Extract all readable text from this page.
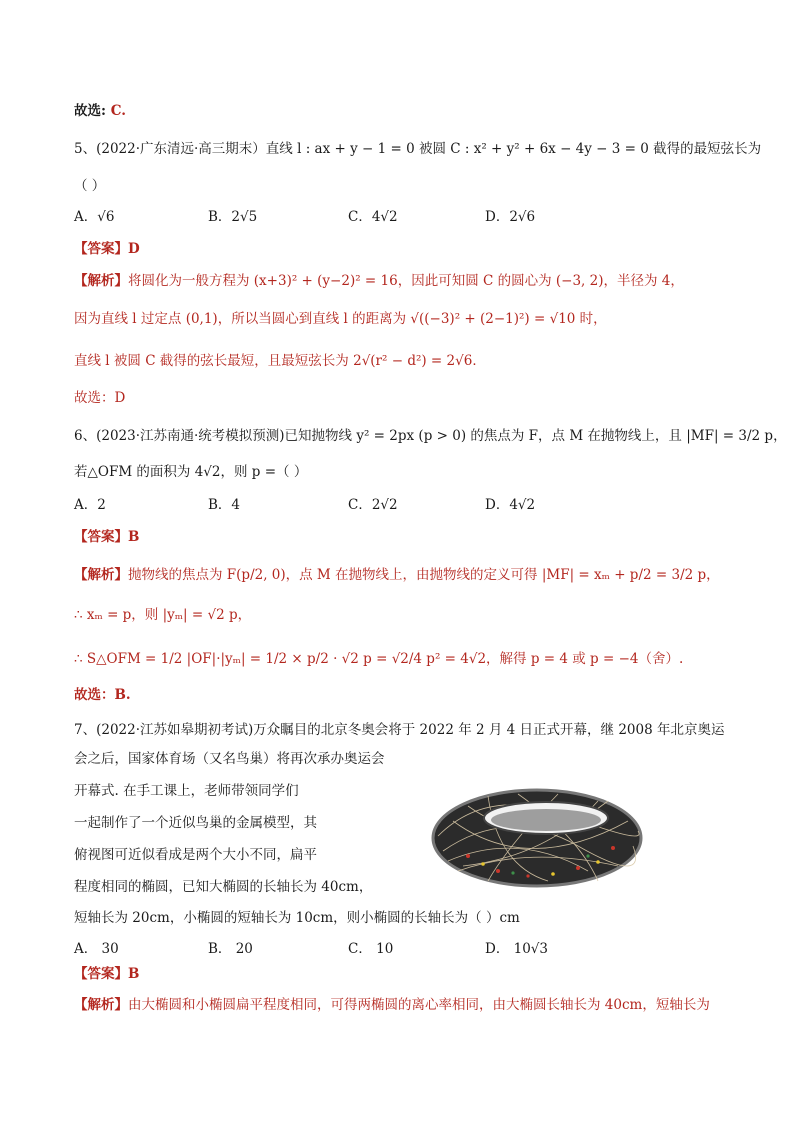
故选: C.
5、(2022·广东清远·高三期末）直线 l : ax + y − 1 = 0 被圆 C : x² + y² + 6x − 4y − 3 = 0 截得的最短弦长为
（ ）
A．√6	B．2√5	C．4√2	D．2√6
【答案】D
【解析】将圆化为一般方程为 (x+3)² + (y−2)² = 16，因此可知圆 C 的圆心为 (−3, 2)，半径为 4，
因为直线 l 过定点 (0,1)，所以当圆心到直线 l 的距离为 √((−3)² + (2−1)²) = √10 时，
直线 l 被圆 C 截得的弦长最短，且最短弦长为 2√(r² − d²) = 2√6．
故选：D
6、(2023·江苏南通·统考模拟预测)已知抛物线 y² = 2px (p > 0) 的焦点为 F，点 M 在抛物线上，且 |MF| = 3/2 p，
若△OFM 的面积为 4√2，则 p =（ ）
A．2	B．4	C．2√2	D．4√2
【答案】B
【解析】抛物线的焦点为 F(p/2, 0)，点 M 在抛物线上，由抛物线的定义可得 |MF| = xₘ + p/2 = 3/2 p，
∴ xₘ = p，则 |yₘ| = √2 p，
∴ S△OFM = 1/2 |OF|·|yₘ| = 1/2 × p/2 · √2 p = √2/4 p² = 4√2，解得 p = 4 或 p = −4（舍）.
故选：B.
7、(2022·江苏如皋期初考试)万众瞩目的北京冬奥会将于 2022 年 2 月 4 日正式开幕，继 2008 年北京奥运
会之后，国家体育场（又名鸟巢）将再次承办奥运会
开幕式. 在手工课上，老师带领同学们
一起制作了一个近似鸟巢的金属模型，其
俯视图可近似看成是两个大小不同，扁平
程度相同的椭圆，已知大椭圆的长轴长为 40cm，
短轴长为 20cm，小椭圆的短轴长为 10cm，则小椭圆的长轴长为（ ）cm
A． 30	B． 20	C． 10	D． 10√3
【答案】B
【解析】由大椭圆和小椭圆扁平程度相同，可得两椭圆的离心率相同，由大椭圆长轴长为 40cm，短轴长为
